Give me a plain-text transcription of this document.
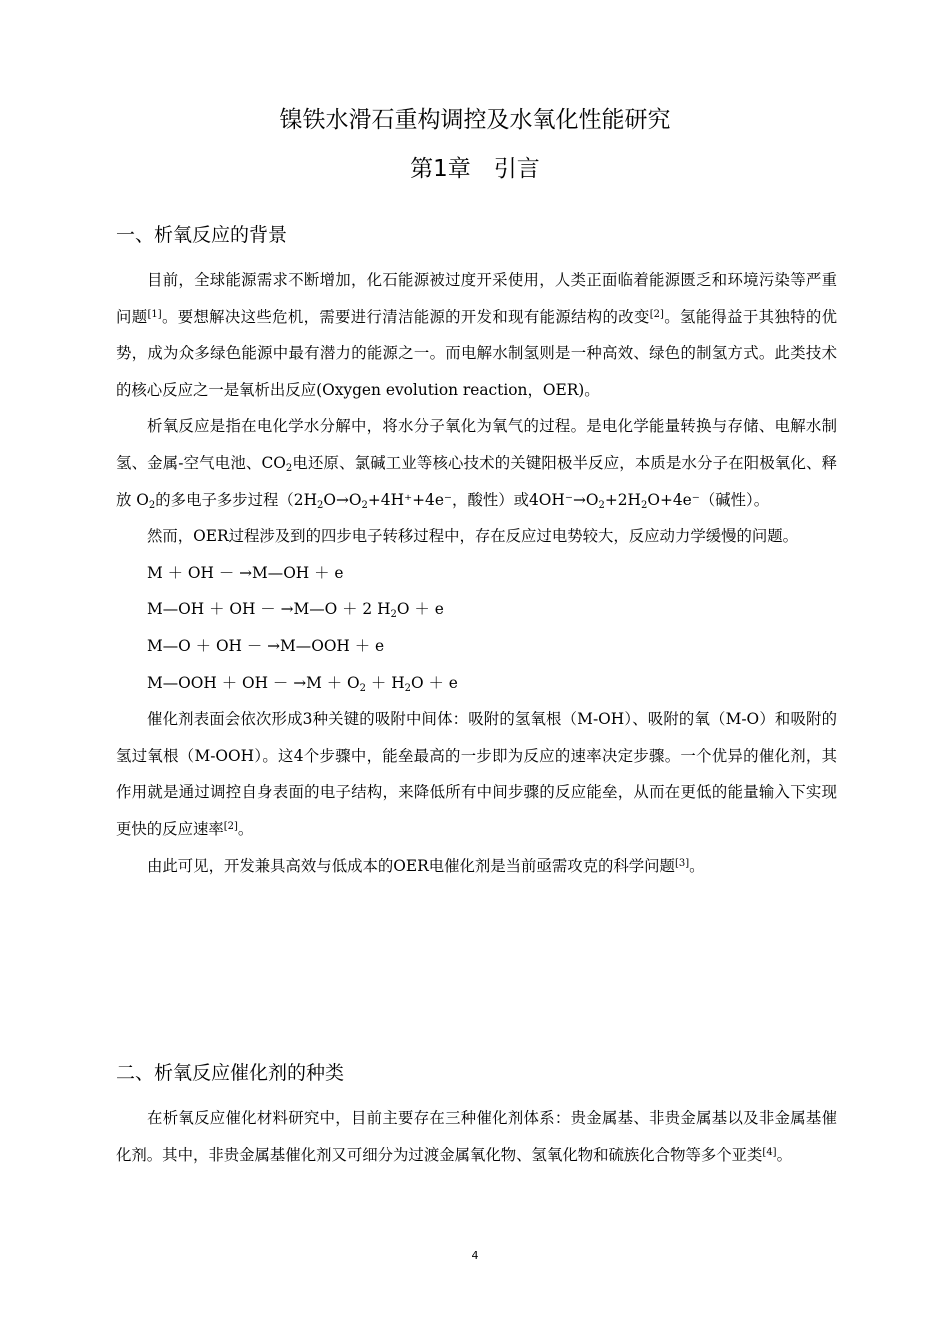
镍铁水滑石重构调控及水氧化性能研究
第1章　引言
一、析氧反应的背景

目前，全球能源需求不断增加，化石能源被过度开采使用，人类正面临着能源匮乏和环境污染等严重问题[1]。要想解决这些危机，需要进行清洁能源的开发和现有能源结构的改变[2]。氢能得益于其独特的优势，成为众多绿色能源中最有潜力的能源之一。而电解水制氢则是一种高效、绿色的制氢方式。此类技术的核心反应之一是氧析出反应(Oxygen evolution reaction，OER)。

析氧反应是指在电化学水分解中，将水分子氧化为氧气的过程。是电化学能量转换与存储、电解水制氢、金属-空气电池、$CO_2$电还原、氯碱工业等核心技术的关键阳极半反应，本质是水分子在阳极氧化、释放 $O_2$的多电子多步过程（$2H_2O\to O_2+4H^++4e^-$，酸性）或$4OH^-\to O_2+2H_2O+4e^-$（碱性）。

然而，OER过程涉及到的四步电子转移过程中，存在反应过电势较大，反应动力学缓慢的问题。

M ＋ OH － →M—OH ＋ e

M—OH ＋ OH － →M—O ＋ 2 $H_2O + e$

M—O ＋ OH － →M—OOH ＋ e

M—OOH ＋ OH － $\to M + O_2 + H_2O + e$

催化剂表面会依次形成3种关键的吸附中间体：吸附的氢氧根（M-OH）、吸附的氧（M-O）和吸附的氢过氧根（M-OOH）。这4个步骤中，能垒最高的一步即为反应的速率决定步骤。一个优异的催化剂，其作用就是通过调控自身表面的电子结构，来降低所有中间步骤的反应能垒，从而在更低的能量输入下实现更快的反应速率[2]。

由此可见，开发兼具高效与低成本的OER电催化剂是当前亟需攻克的科学问题[3]。

二、析氧反应催化剂的种类

在析氧反应催化材料研究中，目前主要存在三种催化剂体系：贵金属基、非贵金属基以及非金属基催化剂。其中，非贵金属基催化剂又可细分为过渡金属氧化物、氢氧化物和硫族化合物等多个亚类[4]。

4
